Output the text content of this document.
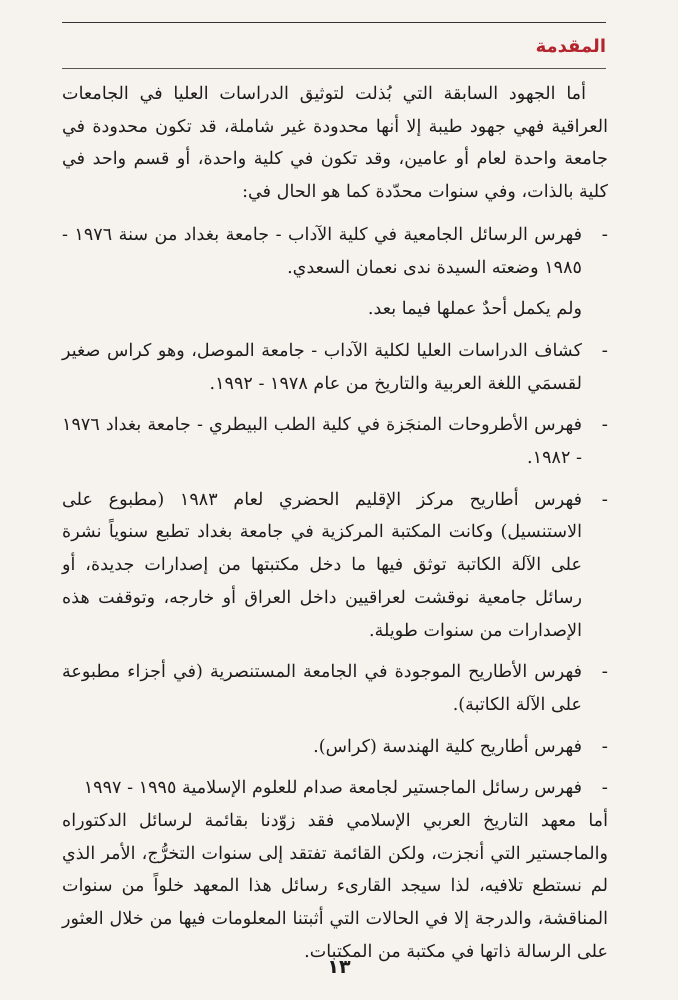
المقدمة

أما الجهود السابقة التي بُذلت لتوثيق الدراسات العليا في الجامعات العراقية فهي جهود طيبة إلا أنها محدودة غير شاملة، قد تكون محدودة في جامعة واحدة لعام أو عامين، وقد تكون في كلية واحدة، أو قسم واحد في كلية بالذات، وفي سنوات محدّدة كما هو الحال في:

-

فهرس الرسائل الجامعية في كلية الآداب - جامعة بغداد من سنة ١٩٧٦ - ١٩٨٥ وضعته السيدة ندى نعمان السعدي.

ولم يكمل أحدٌ عملها فيما بعد.
-

كشاف الدراسات العليا لكلية الآداب - جامعة الموصل، وهو كراس صغير لقسمَي اللغة العربية والتاريخ من عام ١٩٧٨ - ١٩٩٢.

-

فهرس الأطروحات المنجَزة في كلية الطب البيطري - جامعة بغداد ١٩٧٦ - ١٩٨٢.

-

فهرس أطاريح مركز الإقليم الحضري لعام ١٩٨٣ (مطبوع على الاستنسيل) وكانت المكتبة المركزية في جامعة بغداد تطبع سنوياً نشرة على الآلة الكاتبة توثق فيها ما دخل مكتبتها من إصدارات جديدة، أو رسائل جامعية نوقشت لعراقيين داخل العراق أو خارجه، وتوقفت هذه الإصدارات من سنوات طويلة.

-

فهرس الأطاريح الموجودة في الجامعة المستنصرية (في أجزاء مطبوعة على الآلة الكاتبة).

-

فهرس أطاريح كلية الهندسة (كراس).

-

فهرس رسائل الماجستير لجامعة صدام للعلوم الإسلامية ١٩٩٥ - ١٩٩٧

أما معهد التاريخ العربي الإسلامي فقد زوّدنا بقائمة لرسائل الدكتوراه والماجستير التي أنجزت، ولكن القائمة تفتقد إلى سنوات التخرُّج، الأمر الذي لم نستطع تلافيه، لذا سيجد القارىء رسائل هذا المعهد خلواً من سنوات المناقشة، والدرجة إلا في الحالات التي أثبتنا المعلومات فيها من خلال العثور على الرسالة ذاتها في مكتبة من المكتبات.

١٣
